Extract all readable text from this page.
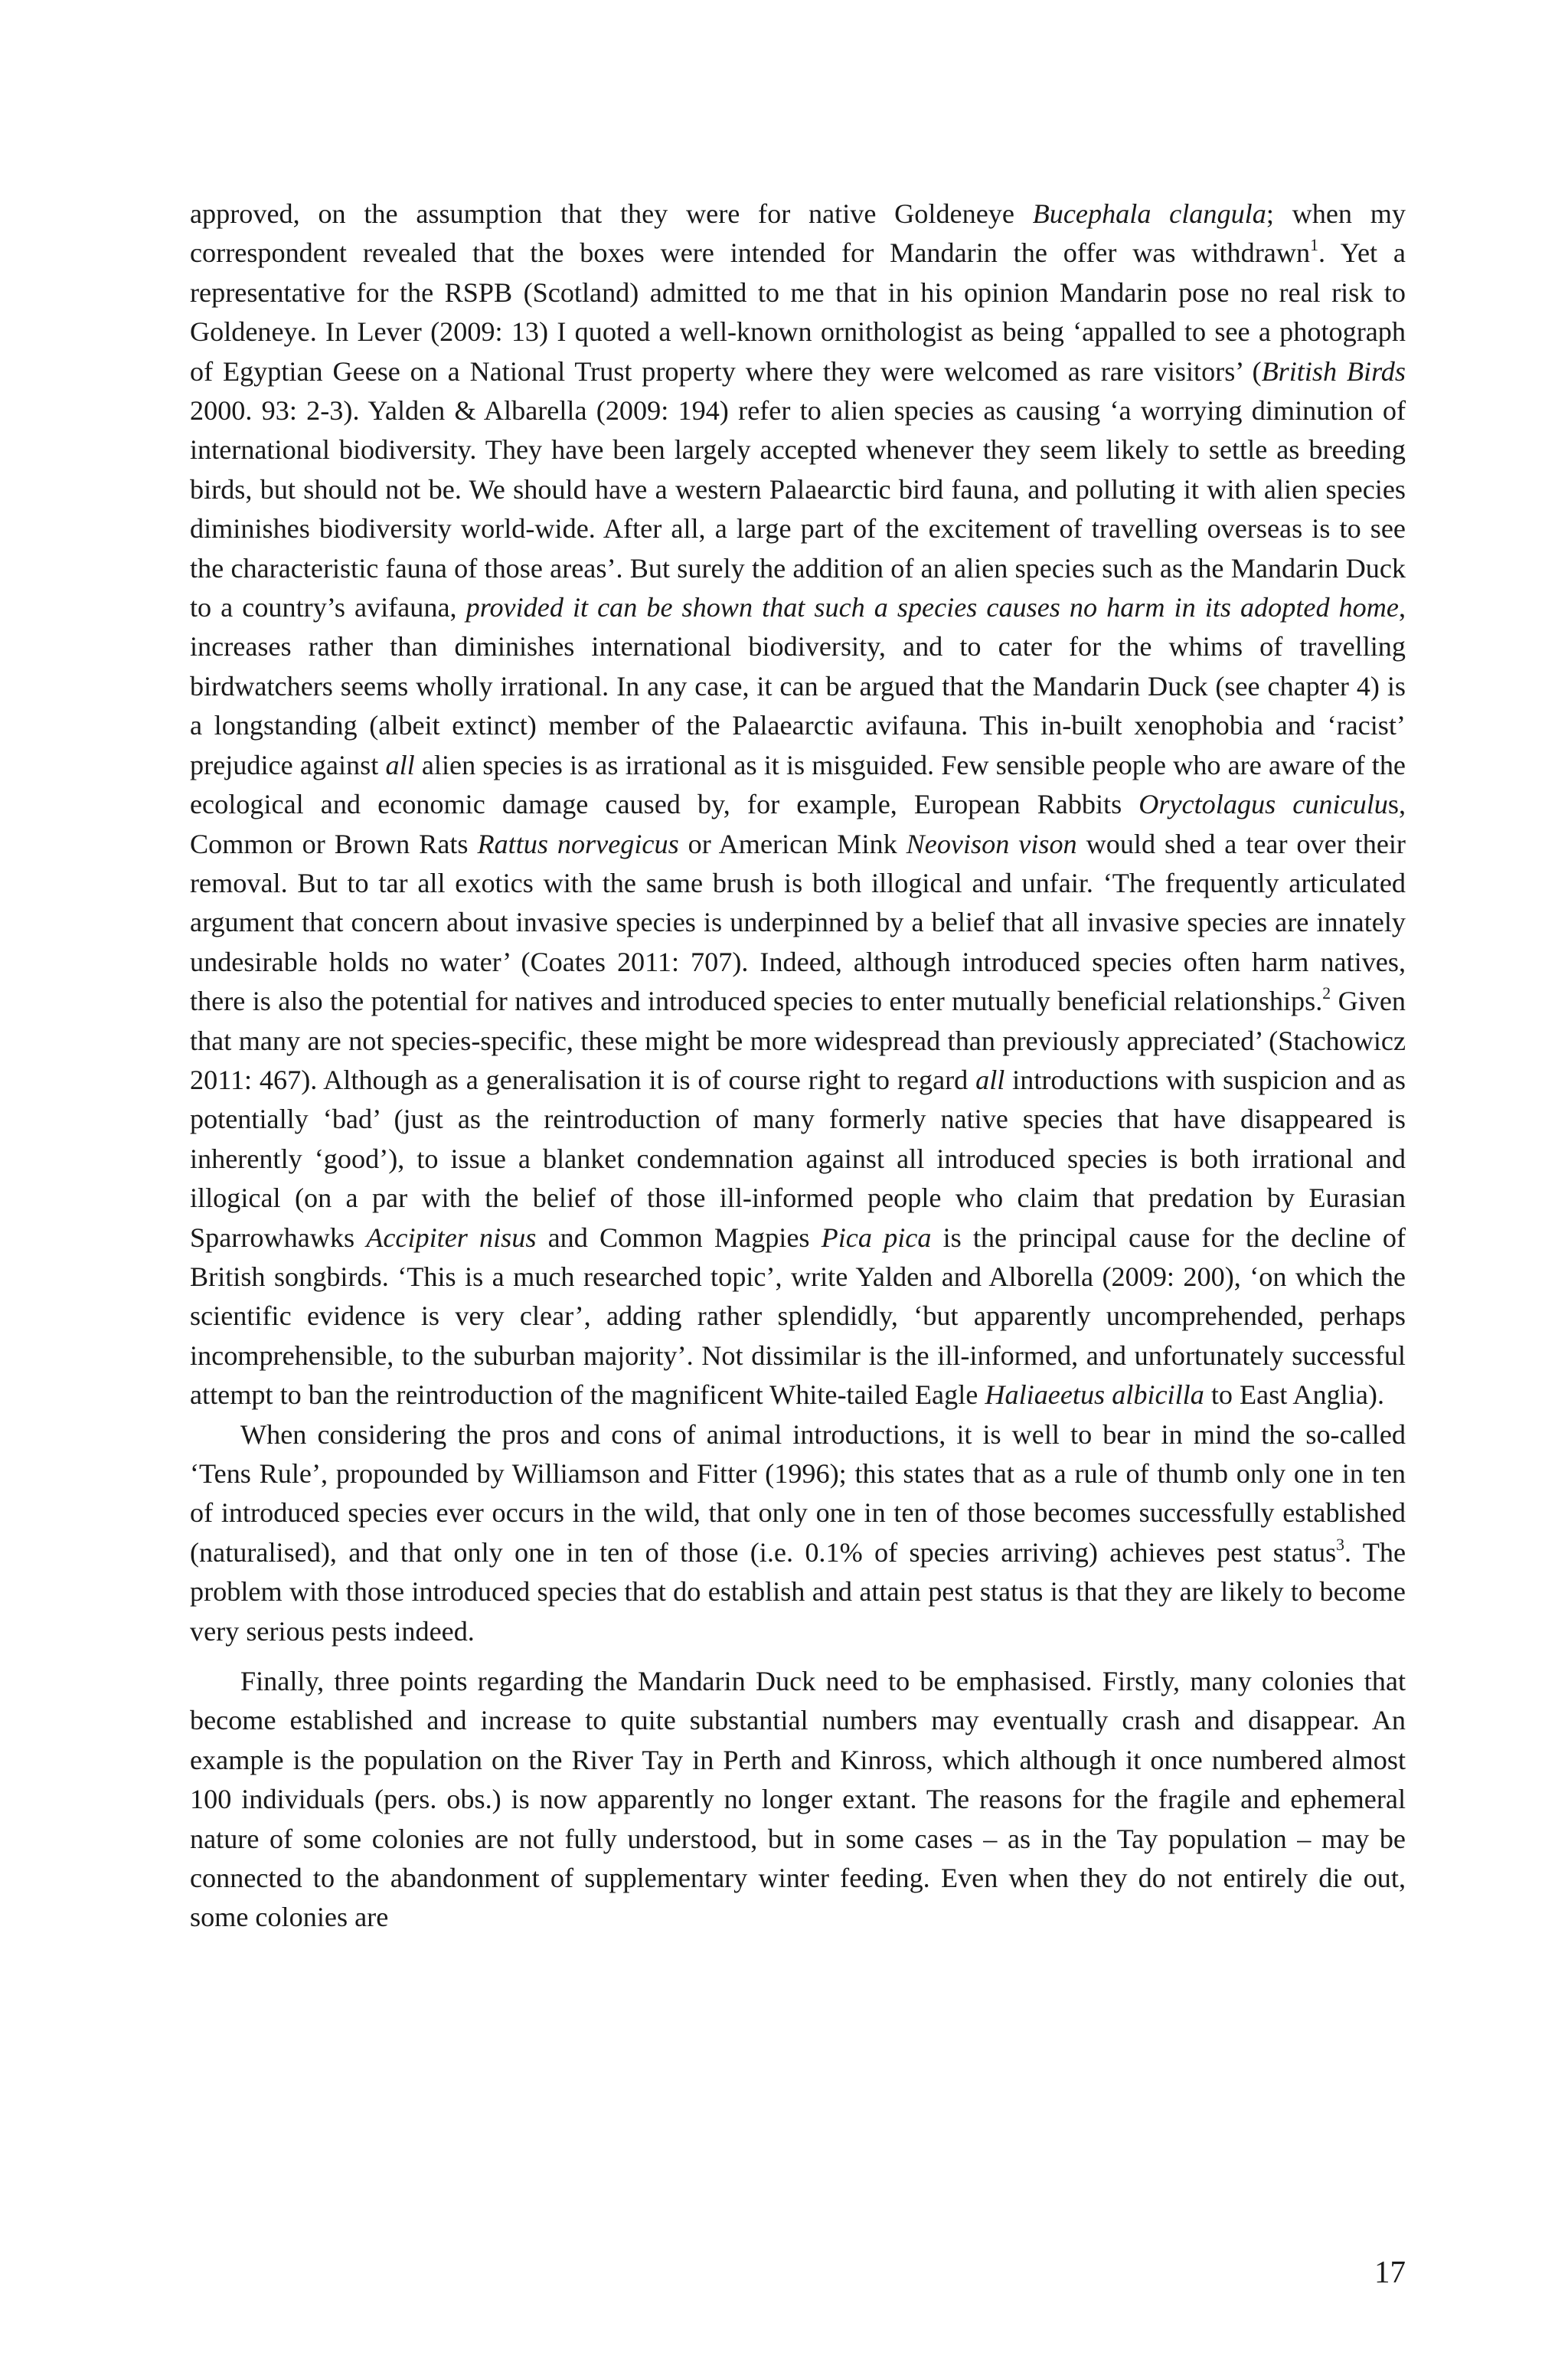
approved, on the assumption that they were for native Goldeneye Bucephala clangula; when my correspondent revealed that the boxes were intended for Mandarin the offer was withdrawn$^1$. Yet a representative for the RSPB (Scotland) admitted to me that in his opinion Mandarin pose no real risk to Goldeneye. In Lever (2009: 13) I quoted a well-known ornithologist as being ‘appalled to see a photograph of Egyptian Geese on a National Trust property where they were welcomed as rare visitors’ (British Birds 2000. 93: 2-3). Yalden & Albarella (2009: 194) refer to alien species as causing ‘a worrying diminution of international biodiversity. They have been largely accepted whenever they seem likely to settle as breeding birds, but should not be. We should have a western Palaearctic bird fauna, and polluting it with alien species diminishes biodiversity world-wide. After all, a large part of the excitement of travelling overseas is to see the characteristic fauna of those areas’. But surely the addition of an alien species such as the Mandarin Duck to a country’s avifauna, provided it can be shown that such a species causes no harm in its adopted home, increases rather than diminishes international biodiversity, and to cater for the whims of travelling birdwatchers seems wholly irrational. In any case, it can be argued that the Mandarin Duck (see chapter 4) is a longstanding (albeit extinct) member of the Palaearctic avifauna. This in-built xenophobia and ‘racist’ prejudice against all alien species is as irrational as it is misguided. Few sensible people who are aware of the ecological and economic damage caused by, for example, European Rabbits Oryctolagus cuniculus, Common or Brown Rats Rattus norvegicus or American Mink Neovison vison would shed a tear over their removal. But to tar all exotics with the same brush is both illogical and unfair. ‘The frequently articulated argument that concern about invasive species is underpinned by a belief that all invasive species are innately undesirable holds no water’ (Coates 2011: 707). Indeed, although introduced species often harm natives, there is also the potential for natives and introduced species to enter mutually beneficial relationships.$^2$ Given that many are not species-specific, these might be more widespread than previously appreciated’ (Stachowicz 2011: 467). Although as a generalisation it is of course right to regard all introductions with suspicion and as potentially ‘bad’ (just as the reintroduction of many formerly native species that have disappeared is inherently ‘good’), to issue a blanket condemnation against all introduced species is both irrational and illogical (on a par with the belief of those ill-informed people who claim that predation by Eurasian Sparrowhawks Accipiter nisus and Common Magpies Pica pica is the principal cause for the decline of British songbirds. ‘This is a much researched topic’, write Yalden and Alborella (2009: 200), ‘on which the scientific evidence is very clear’, adding rather splendidly, ‘but apparently uncomprehended, perhaps incomprehensible, to the suburban majority’. Not dissimilar is the ill-informed, and unfortunately successful attempt to ban the reintroduction of the magnificent White-tailed Eagle Haliaeetus albicilla to East Anglia).

When considering the pros and cons of animal introductions, it is well to bear in mind the so-called ‘Tens Rule’, propounded by Williamson and Fitter (1996); this states that as a rule of thumb only one in ten of introduced species ever occurs in the wild, that only one in ten of those becomes successfully established (naturalised), and that only one in ten of those (i.e. 0.1% of species arriving) achieves pest status$^3$. The problem with those introduced species that do establish and attain pest status is that they are likely to become very serious pests indeed.

Finally, three points regarding the Mandarin Duck need to be emphasised. Firstly, many colonies that become established and increase to quite substantial numbers may eventually crash and disappear. An example is the population on the River Tay in Perth and Kinross, which although it once numbered almost 100 individuals (pers. obs.) is now apparently no longer extant. The reasons for the fragile and ephemeral nature of some colonies are not fully understood, but in some cases – as in the Tay population – may be connected to the abandonment of supplementary winter feeding. Even when they do not entirely die out, some colonies are

17
